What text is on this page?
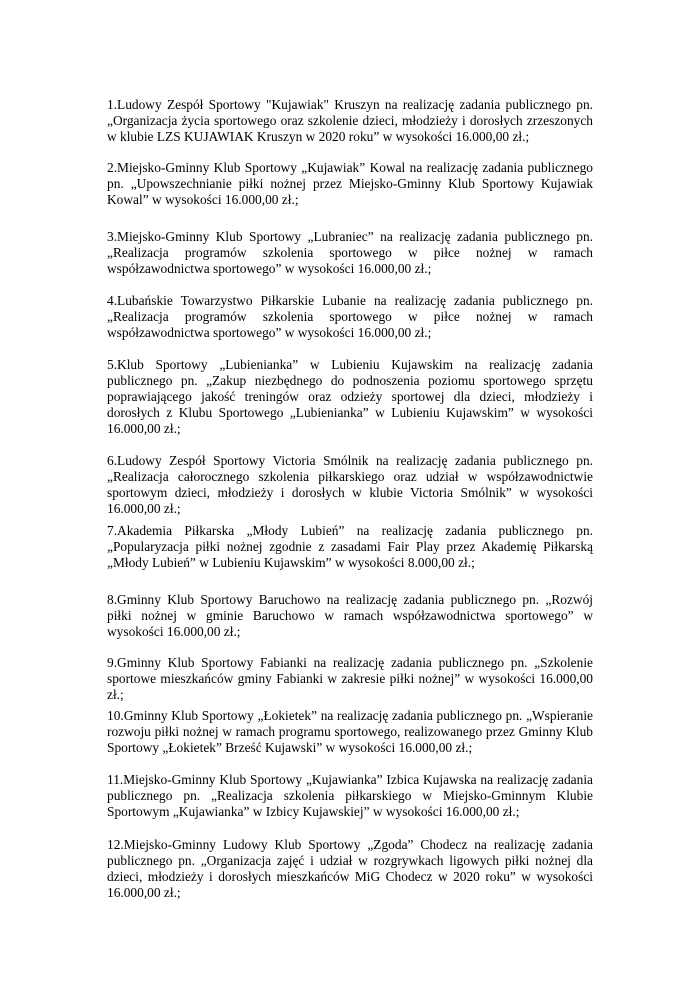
1.Ludowy Zespół Sportowy "Kujawiak" Kruszyn na realizację zadania publicznego pn. „Organizacja życia sportowego oraz szkolenie dzieci, młodzieży i dorosłych zrzeszonych w klubie LZS KUJAWIAK Kruszyn w 2020 roku” w wysokości 16.000,00 zł.;

2.Miejsko-Gminny Klub Sportowy „Kujawiak” Kowal na realizację zadania publicznego pn. „Upowszechnianie piłki nożnej przez Miejsko-Gminny Klub Sportowy Kujawiak Kowal” w wysokości 16.000,00 zł.;

3.Miejsko-Gminny Klub Sportowy „Lubraniec” na realizację zadania publicznego pn. „Realizacja programów szkolenia sportowego w piłce nożnej w ramach współzawodnictwa sportowego” w wysokości 16.000,00 zł.;

4.Lubańskie Towarzystwo Piłkarskie Lubanie na realizację zadania publicznego pn. „Realizacja programów szkolenia sportowego w piłce nożnej w ramach współzawodnictwa sportowego” w wysokości 16.000,00 zł.;

5.Klub Sportowy „Lubienianka” w Lubieniu Kujawskim na realizację zadania publicznego pn. „Zakup niezbędnego do podnoszenia poziomu sportowego sprzętu poprawiającego jakość treningów oraz odzieży sportowej dla dzieci, młodzieży i dorosłych z Klubu Sportowego „Lubienianka” w Lubieniu Kujawskim” w wysokości 16.000,00 zł.;

6.Ludowy Zespół Sportowy Victoria Smólnik na realizację zadania publicznego pn. „Realizacja całorocznego szkolenia piłkarskiego oraz udział w współzawodnictwie sportowym dzieci, młodzieży i dorosłych w klubie Victoria Smólnik” w wysokości 16.000,00 zł.;

7.Akademia Piłkarska „Młody Lubień” na realizację zadania publicznego pn. „Popularyzacja piłki nożnej zgodnie z zasadami Fair Play przez Akademię Piłkarską „Młody Lubień” w Lubieniu Kujawskim” w wysokości 8.000,00 zł.;

8.Gminny Klub Sportowy Baruchowo na realizację zadania publicznego pn. „Rozwój piłki nożnej w gminie Baruchowo w ramach współzawodnictwa sportowego” w wysokości 16.000,00 zł.;

9.Gminny Klub Sportowy Fabianki na realizację zadania publicznego pn. „Szkolenie sportowe mieszkańców gminy Fabianki w zakresie piłki nożnej” w wysokości 16.000,00 zł.;

10.Gminny Klub Sportowy „Łokietek” na realizację zadania publicznego pn. „Wspieranie rozwoju piłki nożnej w ramach programu sportowego, realizowanego przez Gminny Klub Sportowy „Łokietek” Brześć Kujawski” w wysokości 16.000,00 zł.;

11.Miejsko-Gminny Klub Sportowy „Kujawianka” Izbica Kujawska na realizację zadania publicznego pn. „Realizacja szkolenia piłkarskiego w Miejsko-Gminnym Klubie Sportowym „Kujawianka” w Izbicy Kujawskiej” w wysokości 16.000,00 zł.;

12.Miejsko-Gminny Ludowy Klub Sportowy „Zgoda” Chodecz na realizację zadania publicznego pn. „Organizacja zajęć i udział w rozgrywkach ligowych piłki nożnej dla dzieci, młodzieży i dorosłych mieszkańców MiG Chodecz w 2020 roku” w wysokości 16.000,00 zł.;
